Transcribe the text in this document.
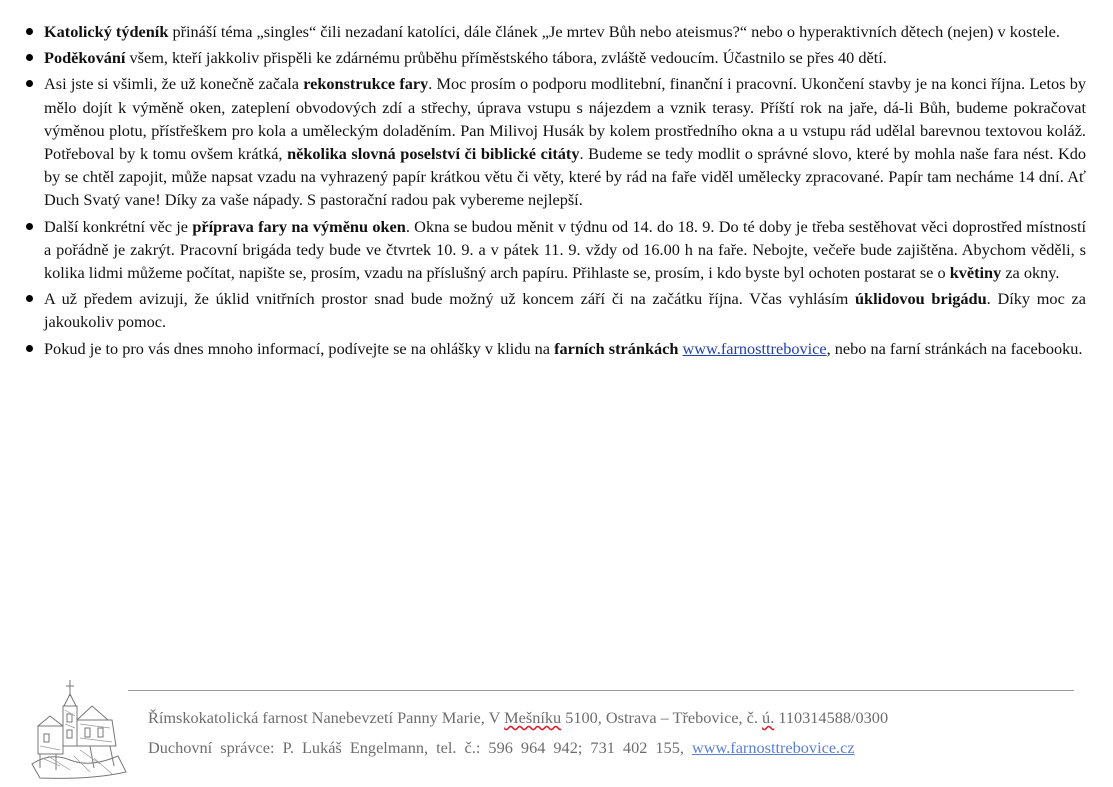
Katolický týdeník přináší téma „singles“ čili nezadaní katolíci, dále článek „Je mrtev Bůh nebo ateismus?“ nebo o hyperaktivních dětech (nejen) v kostele.
Poděkování všem, kteří jakkoliv přispěli ke zdárnému průběhu příměstského tábora, zvláště vedoucím. Účastnilo se přes 40 dětí.
Asi jste si všimli, že už konečně začala rekonstrukce fary. Moc prosím o podporu modlitební, finanční i pracovní. Ukončení stavby je na konci října. Letos by mělo dojít k výměně oken, zateplení obvodových zdí a střechy, úprava vstupu s nájezdem a vznik terasy. Příští rok na jaře, dá-li Bůh, budeme pokračovat výměnou plotu, přístřeškem pro kola a uměleckým doladěním. Pan Milivoj Husák by kolem prostředního okna a u vstupu rád udělal barevnou textovou koláž. Potřeboval by k tomu ovšem krátká, několika slovná poselství či biblické citáty. Budeme se tedy modlit o správné slovo, které by mohla naše fara nést. Kdo by se chtěl zapojit, může napsat vzadu na vyhrazený papír krátkou větu či věty, které by rád na faře viděl umělecky zpracované. Papír tam necháme 14 dní. Ať Duch Svatý vane! Díky za vaše nápady. S pastorační radou pak vybereme nejlepší.
Další konkrétní věc je příprava fary na výměnu oken. Okna se budou měnit v týdnu od 14. do 18. 9. Do té doby je třeba sestěhovat věci doprostřed místností a pořádně je zakrýt. Pracovní brigáda tedy bude ve čtvrtek 10. 9. a v pátek 11. 9. vždy od 16.00 h na faře. Nebojte, večeře bude zajištěna. Abychom věděli, s kolika lidmi můžeme počítat, napište se, prosím, vzadu na příslušný arch papíru. Přihlaste se, prosím, i kdo byste byl ochoten postarat se o květiny za okny.
A už předem avizuji, že úklid vnitřních prostor snad bude možný už koncem září či na začátku října. Včas vyhlásím úklidovou brigádu. Díky moc za jakoukoliv pomoc.
Pokud je to pro vás dnes mnoho informací, podívejte se na ohlášky v klidu na farních stránkách www.farnosttrebovice, nebo na farní stránkách na facebooku.
Římskokatolická farnost Nanebevzetí Panny Marie, V Mešníku 5100, Ostrava – Třebovice, č. ú. 110314588/0300
Duchovní správce: P. Lukáš Engelmann, tel. č.: 596 964 942; 731 402 155, www.farnosttrebovice.cz
